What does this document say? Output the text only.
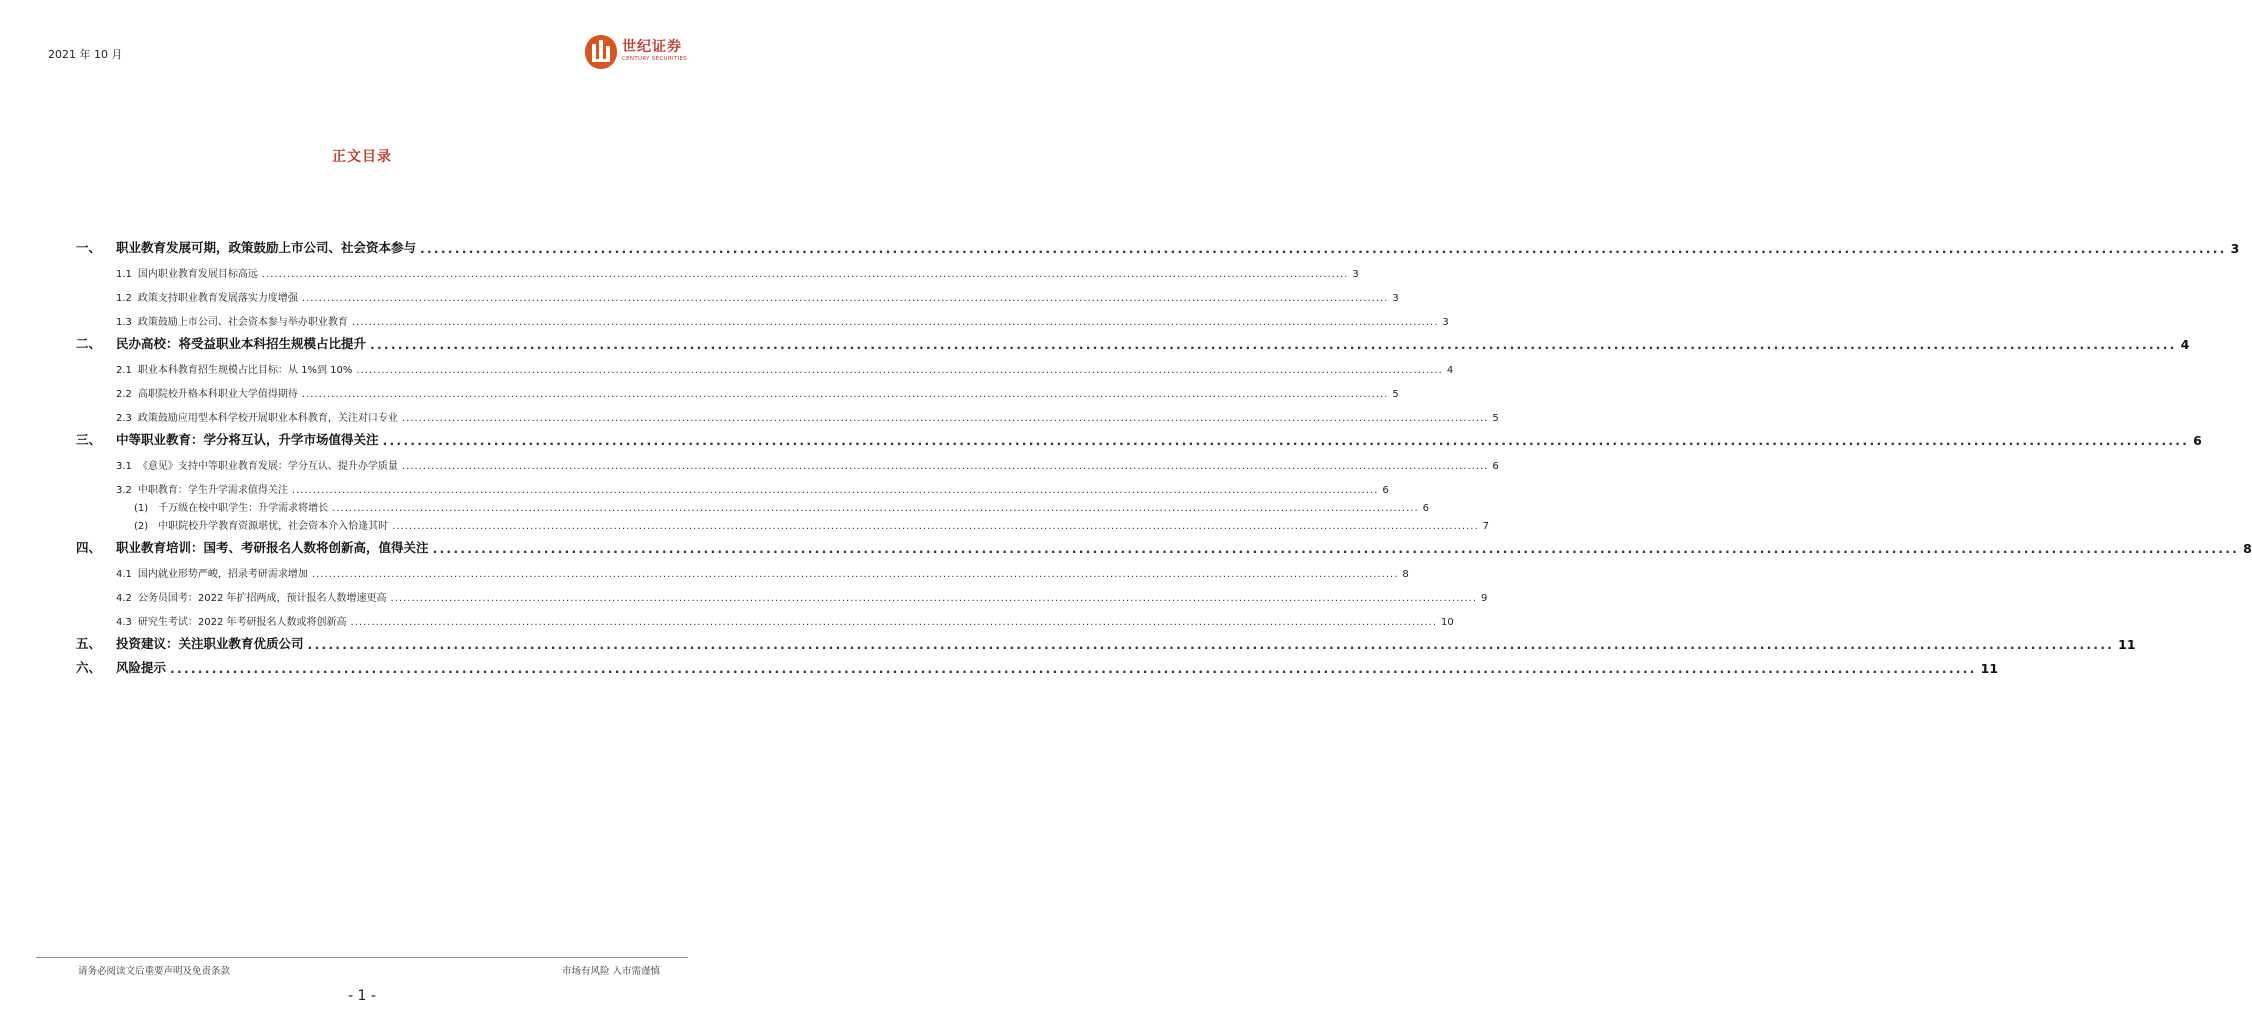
2021 年 10 月	世纪证券
CENTURY SECURITIES
正文目录
一、	职业教育发展可期，政策鼓励上市公司、社会资本参与 .................................................................................................................................................................................................................................................................... 3
1.1 国内职业教育发展目标高远 .................................................................................................................................................................................................................................................................... 3
1.2 政策支持职业教育发展落实力度增强 .................................................................................................................................................................................................................................................................... 3
1.3 政策鼓励上市公司、社会资本参与举办职业教育 .................................................................................................................................................................................................................................................................... 3
二、	民办高校：将受益职业本科招生规模占比提升 .................................................................................................................................................................................................................................................................... 4
2.1 职业本科教育招生规模占比目标：从 1%到 10% .................................................................................................................................................................................................................................................................... 4
2.2 高职院校升格本科职业大学值得期待 .................................................................................................................................................................................................................................................................... 5
2.3 政策鼓励应用型本科学校开展职业本科教育，关注对口专业 .................................................................................................................................................................................................................................................................... 5
三、	中等职业教育：学分将互认，升学市场值得关注 .................................................................................................................................................................................................................................................................... 6
3.1 《意见》支持中等职业教育发展：学分互认、提升办学质量 .................................................................................................................................................................................................................................................................... 6
3.2 中职教育：学生升学需求值得关注 .................................................................................................................................................................................................................................................................... 6
(1) 千万级在校中职学生：升学需求将增长 .................................................................................................................................................................................................................................................................... 6
(2) 中职院校升学教育资源堪忧，社会资本介入恰逢其时 .................................................................................................................................................................................................................................................................... 7
四、	职业教育培训：国考、考研报名人数将创新高，值得关注 .................................................................................................................................................................................................................................................................... 8
4.1 国内就业形势严峻，招录考研需求增加 .................................................................................................................................................................................................................................................................... 8
4.2 公务员国考：2022 年扩招两成，预计报名人数增速更高 .................................................................................................................................................................................................................................................................... 9
4.3 研究生考试：2022 年考研报名人数或将创新高 .................................................................................................................................................................................................................................................................... 10
五、	投资建议：关注职业教育优质公司 .................................................................................................................................................................................................................................................................... 11
六、	风险提示 .................................................................................................................................................................................................................................................................... 11
请务必阅读文后重要声明及免责条款	市场有风险 入市需谨慎
- 1 -
